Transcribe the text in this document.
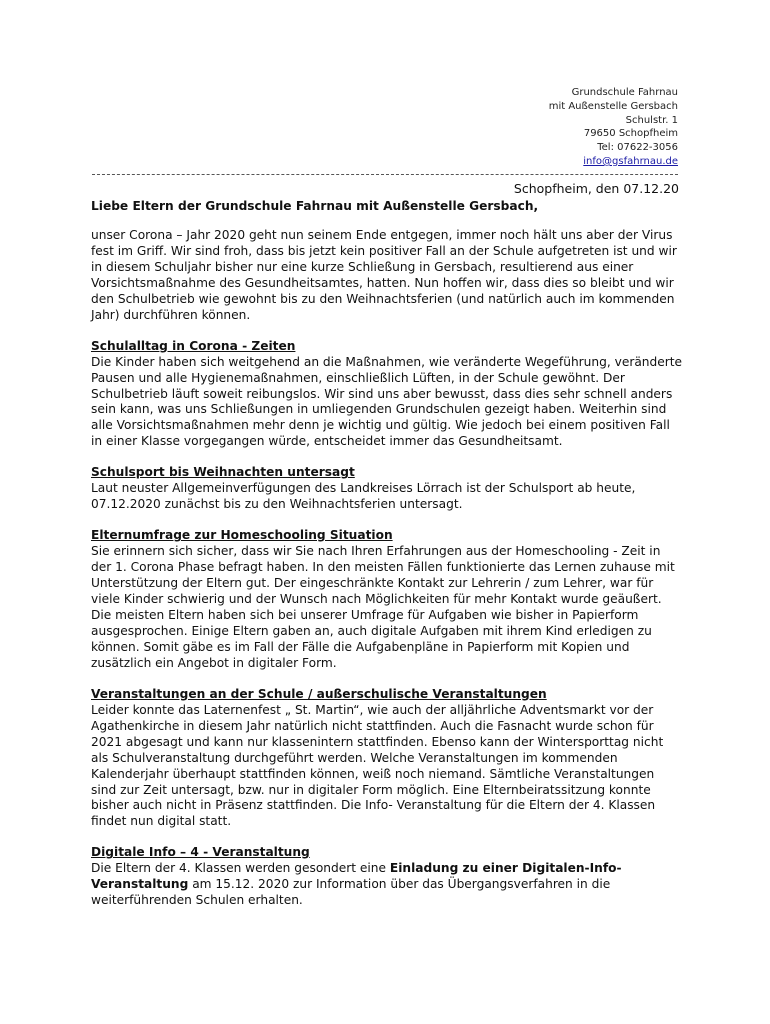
Grundschule Fahrnau
mit Außenstelle Gersbach
Schulstr. 1
79650 Schopfheim
Tel: 07622-3056
info@gsfahrnau.de
Schopfheim, den 07.12.20

Liebe Eltern der Grundschule Fahrnau mit Außenstelle Gersbach,

unser Corona – Jahr 2020 geht nun seinem Ende entgegen, immer noch hält uns aber der Virus fest im Griff. Wir sind froh, dass bis jetzt kein positiver Fall an der Schule aufgetreten ist und wir in diesem Schuljahr bisher nur eine kurze Schließung in Gersbach, resultierend aus einer Vorsichtsmaßnahme des Gesundheitsamtes, hatten. Nun hoffen wir, dass dies so bleibt und wir den Schulbetrieb wie gewohnt bis zu den Weihnachtsferien (und natürlich auch im kommenden Jahr) durchführen können.

Schulalltag in Corona - Zeiten

Die Kinder haben sich weitgehend an die Maßnahmen, wie veränderte Wegeführung, veränderte Pausen und alle Hygienemaßnahmen, einschließlich Lüften, in der Schule gewöhnt. Der Schulbetrieb läuft soweit reibungslos. Wir sind uns aber bewusst, dass dies sehr schnell anders sein kann, was uns Schließungen in umliegenden Grundschulen gezeigt haben. Weiterhin sind alle Vorsichtsmaßnahmen mehr denn je wichtig und gültig. Wie jedoch bei einem positiven Fall in einer Klasse vorgegangen würde, entscheidet immer das Gesundheitsamt.

Schulsport bis Weihnachten untersagt

Laut neuster Allgemeinverfügungen des Landkreises Lörrach ist der Schulsport ab heute, 07.12.2020 zunächst bis zu den Weihnachtsferien untersagt.

Elternumfrage zur Homeschooling Situation

Sie erinnern sich sicher, dass wir Sie nach Ihren Erfahrungen aus der Homeschooling - Zeit in der 1. Corona Phase befragt haben. In den meisten Fällen funktionierte das Lernen zuhause mit Unterstützung der Eltern gut. Der eingeschränkte Kontakt zur Lehrerin / zum Lehrer, war für viele Kinder schwierig und der Wunsch nach Möglichkeiten für mehr Kontakt wurde geäußert. Die meisten Eltern haben sich bei unserer Umfrage für Aufgaben wie bisher in Papierform ausgesprochen. Einige Eltern gaben an, auch digitale Aufgaben mit ihrem Kind erledigen zu können. Somit gäbe es im Fall der Fälle die Aufgabenpläne in Papierform mit Kopien und zusätzlich ein Angebot in digitaler Form.

Veranstaltungen an der Schule / außerschulische Veranstaltungen

Leider konnte das Laternenfest „ St. Martin“, wie auch der alljährliche Adventsmarkt vor der Agathenkirche in diesem Jahr natürlich nicht stattfinden. Auch die Fasnacht wurde schon für 2021 abgesagt und kann nur klassenintern stattfinden. Ebenso kann der Wintersporttag nicht als Schulveranstaltung durchgeführt werden. Welche Veranstaltungen im kommenden Kalenderjahr überhaupt stattfinden können, weiß noch niemand. Sämtliche Veranstaltungen sind zur Zeit untersagt, bzw. nur in digitaler Form möglich. Eine Elternbeiratssitzung konnte bisher auch nicht in Präsenz stattfinden. Die Info- Veranstaltung für die Eltern der 4. Klassen findet nun digital statt.

Digitale Info – 4 - Veranstaltung

Die Eltern der 4. Klassen werden gesondert eine Einladung zu einer Digitalen-Info-Veranstaltung am 15.12. 2020 zur Information über das Übergangsverfahren in die weiterführenden Schulen erhalten.
